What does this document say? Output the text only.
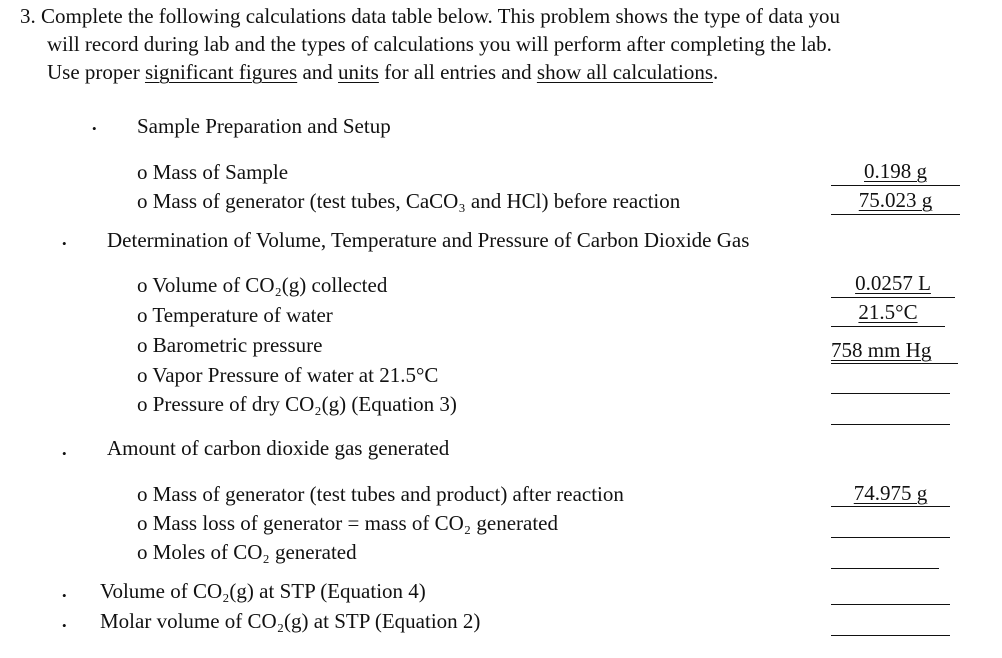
3. Complete the following calculations data table below. This problem shows the type of data you
will record during lab and the types of calculations you will perform after completing the lab.
Use proper significant figures and units for all entries and show all calculations.
• Sample Preparation and Setup
o Mass of Sample
o Mass of generator (test tubes, CaCO₃ and HCl) before reaction
0.198 g
75.023 g
• Determination of Volume, Temperature and Pressure of Carbon Dioxide Gas
o Volume of CO₂(g) collected
o Temperature of water
o Barometric pressure
o Vapor Pressure of water at 21.5°C
o Pressure of dry CO₂(g) (Equation 3)
0.0257 L
21.5°C
758 mm Hg
• Amount of carbon dioxide gas generated
o Mass of generator (test tubes and product) after reaction
o Mass loss of generator = mass of CO₂ generated
o Moles of CO₂ generated
74.975 g
• Volume of CO₂(g) at STP (Equation 4)
• Molar volume of CO₂(g) at STP (Equation 2)
